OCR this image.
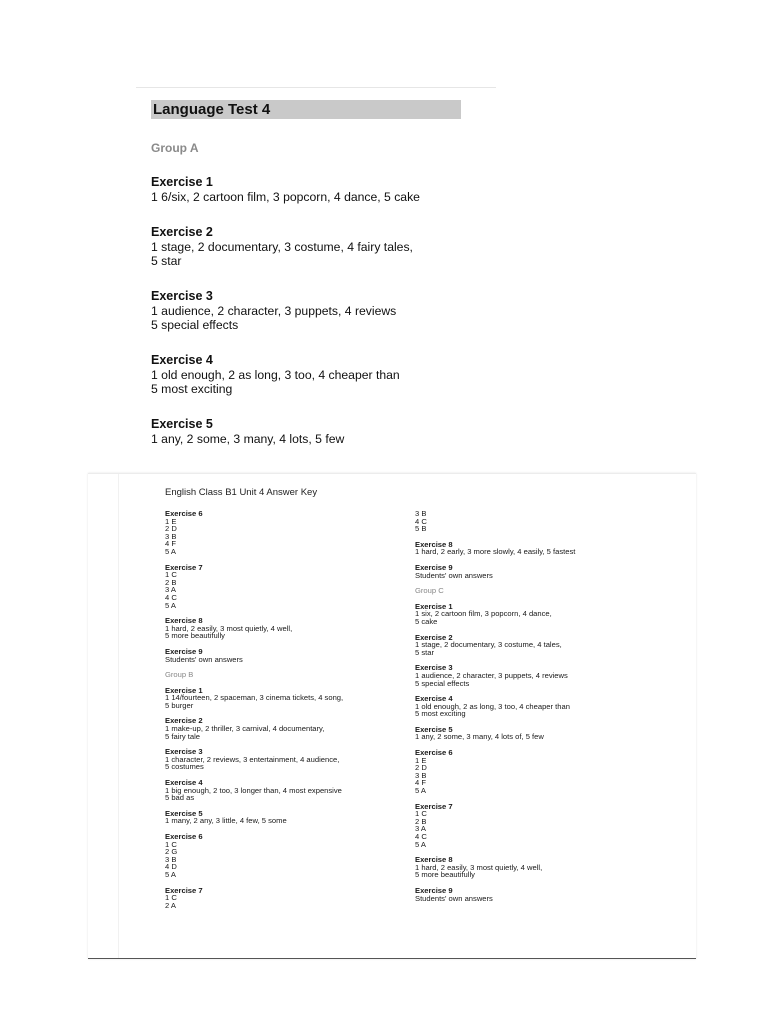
Language Test 4
Group A
Exercise 1
1 6/six, 2 cartoon film, 3 popcorn, 4 dance, 5 cake
Exercise 2
1 stage, 2 documentary, 3 costume, 4 fairy tales,
5 star
Exercise 3
1 audience, 2 character, 3 puppets, 4 reviews
5 special effects
Exercise 4
1 old enough, 2 as long, 3 too, 4 cheaper than
5 most exciting
Exercise 5
1 any, 2 some, 3 many, 4 lots, 5 few
English Class B1 Unit 4 Answer Key
Exercise 6
1 E
2 D
3 B
4 F
5 A
Exercise 7
1 C
2 B
3 A
4 C
5 A
Exercise 8
1 hard, 2 easily, 3 most quietly, 4 well,
5 more beautifully
Exercise 9
Students' own answers
Group B
Exercise 1
1 14/fourteen, 2 spaceman, 3 cinema tickets, 4 song,
5 burger
Exercise 2
1 make-up, 2 thriller, 3 carnival, 4 documentary,
5 fairy tale
Exercise 3
1 character, 2 reviews, 3 entertainment, 4 audience,
5 costumes
Exercise 4
1 big enough, 2 too, 3 longer than, 4 most expensive
5 bad as
Exercise 5
1 many, 2 any, 3 little, 4 few, 5 some
Exercise 6
1 C
2 G
3 B
4 D
5 A
Exercise 7
1 C
2 A
3 B
4 C
5 B
Exercise 8
1 hard, 2 early, 3 more slowly, 4 easily, 5 fastest
Exercise 9
Students' own answers
Group C
Exercise 1
1 six, 2 cartoon film, 3 popcorn, 4 dance,
5 cake
Exercise 2
1 stage, 2 documentary, 3 costume, 4 tales,
5 star
Exercise 3
1 audience, 2 character, 3 puppets, 4 reviews
5 special effects
Exercise 4
1 old enough, 2 as long, 3 too, 4 cheaper than
5 most exciting
Exercise 5
1 any, 2 some, 3 many, 4 lots of, 5 few
Exercise 6
1 E
2 D
3 B
4 F
5 A
Exercise 7
1 C
2 B
3 A
4 C
5 A
Exercise 8
1 hard, 2 easily, 3 most quietly, 4 well,
5 more beautifully
Exercise 9
Students' own answers
